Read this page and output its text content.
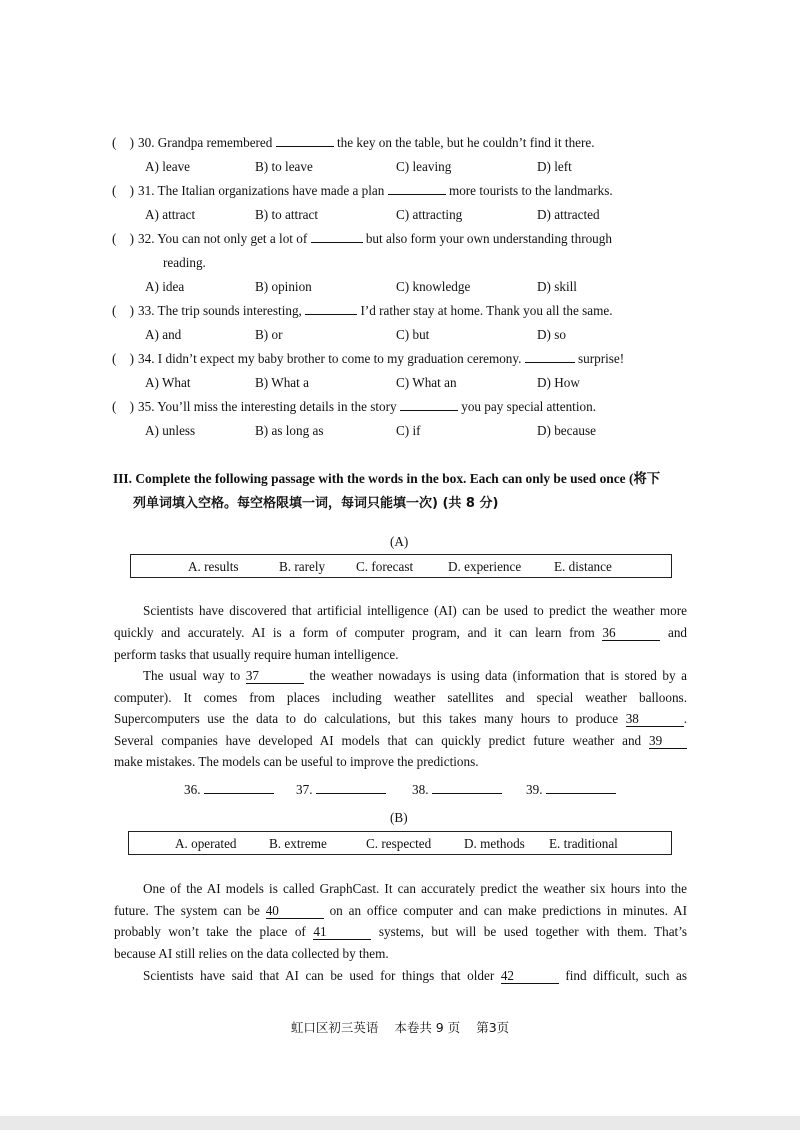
( ) 30. Grandpa remembered	the key on the table, but he couldn’t find it there.
A) leave	B) to leave	C) leaving	D) left
( ) 31. The Italian organizations have made a plan	more tourists to the landmarks.
A) attract	B) to attract	C) attracting	D) attracted
( ) 32. You can not only get a lot of	but also form your own understanding through
reading.
A) idea	B) opinion	C) knowledge	D) skill
( ) 33. The trip sounds interesting,	I’d rather stay at home. Thank you all the same.
A) and	B) or	C) but	D) so
( ) 34. I didn’t expect my baby brother to come to my graduation ceremony.	surprise!
A) What	B) What a	C) What an	D) How
( ) 35. You’ll miss the interesting details in the story	you pay special attention.
A) unless	B) as long as	C) if	D) because
III. Complete the following passage with the words in the box. Each can only be used once (将下
列单词填入空格。每空格限填一词，每词只能填一次) (共 8 分)
(A)
A. results	B. rarely C. forecast	D. experience E. distance
Scientists have discovered that artificial intelligence (AI) can be used to predict the weather more
quickly and accurately. AI is a form of computer program, and it can learn from 36	and
perform tasks that usually require human intelligence.
The usual way to 37	the weather nowadays is using data (information that is stored by a
computer). It comes from places including weather satellites and special weather balloons.
Supercomputers use the data to do calculations, but this takes many hours to produce 38	.
Several companies have developed AI models that can quickly predict future weather and 39
make mistakes. The models can be useful to improve the predictions.
36.	37.	38.	39.
(B)
A. operated B. extreme	C. respected D. methods E. traditional
One of the AI models is called GraphCast. It can accurately predict the weather six hours into the
future. The system can be 40	on an office computer and can make predictions in minutes. AI
probably won’t take the place of 41	systems, but will be used together with them. That’s
because AI still relies on the data collected by them.
Scientists have said that AI can be used for things that older 42	find difficult, such as
虹口区初三英语 本卷共 9 页 第3页
